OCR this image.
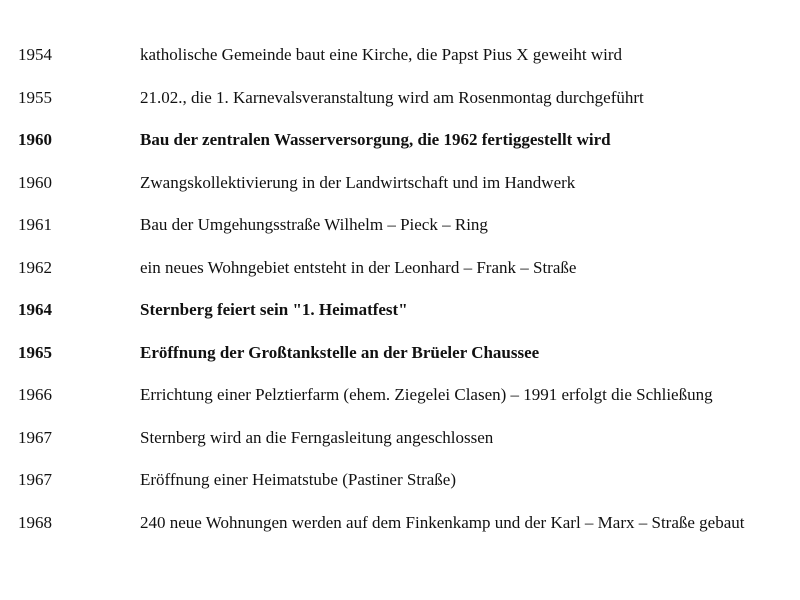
1954	katholische Gemeinde baut eine Kirche, die Papst Pius X geweiht wird
1955	21.02., die 1. Karnevalsveranstaltung wird am Rosenmontag durchgeführt
1960	Bau der zentralen Wasserversorgung, die 1962 fertiggestellt wird
1960	Zwangskollektivierung in der Landwirtschaft und im Handwerk
1961	Bau der Umgehungsstraße Wilhelm – Pieck – Ring
1962	ein neues Wohngebiet entsteht in der Leonhard – Frank – Straße
1964	Sternberg feiert sein "1. Heimatfest"
1965	Eröffnung der Großtankstelle an der Brüeler Chaussee
1966	Errichtung einer Pelztierfarm (ehem. Ziegelei Clasen) – 1991 erfolgt die Schließung
1967	Sternberg wird an die Ferngasleitung angeschlossen
1967	Eröffnung einer Heimatstube (Pastiner Straße)
1968	240 neue Wohnungen werden auf dem Finkenkamp und der Karl – Marx – Straße gebaut
